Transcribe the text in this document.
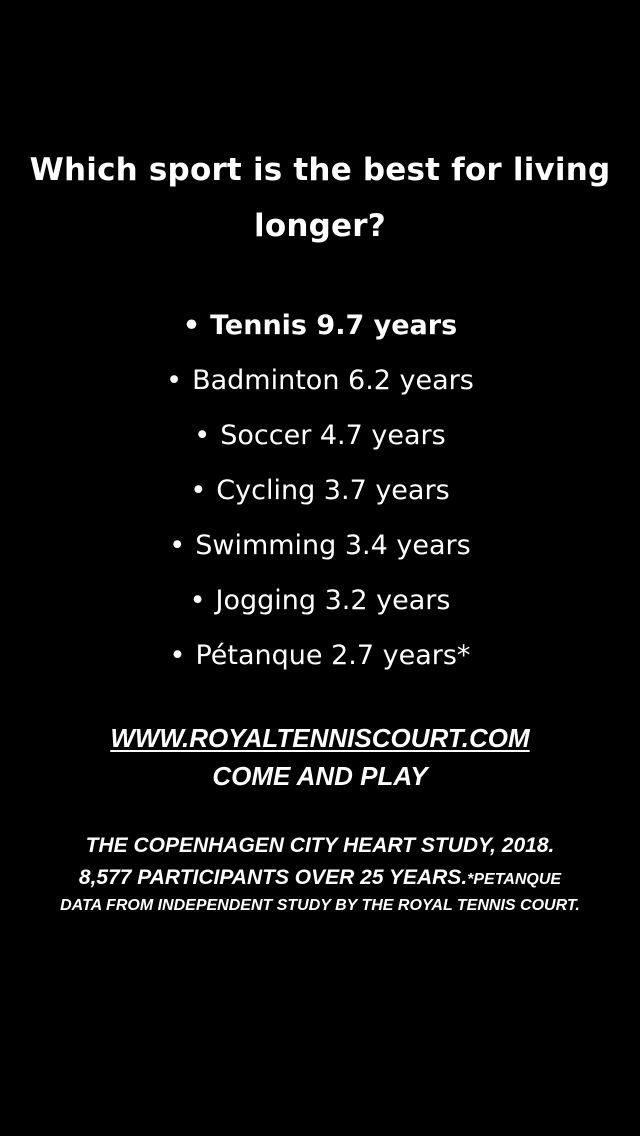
Which sport is the best for living longer?
• Tennis 9.7 years
• Badminton 6.2 years
• Soccer 4.7 years
• Cycling 3.7 years
• Swimming 3.4 years
• Jogging 3.2 years
• Pétanque 2.7 years*

WWW.ROYALTENNISCOURT.COM

COME AND PLAY

THE COPENHAGEN CITY HEART STUDY, 2018.
8,577 PARTICIPANTS OVER 25 YEARS.*PETANQUE
DATA FROM INDEPENDENT STUDY BY THE ROYAL TENNIS COURT.
